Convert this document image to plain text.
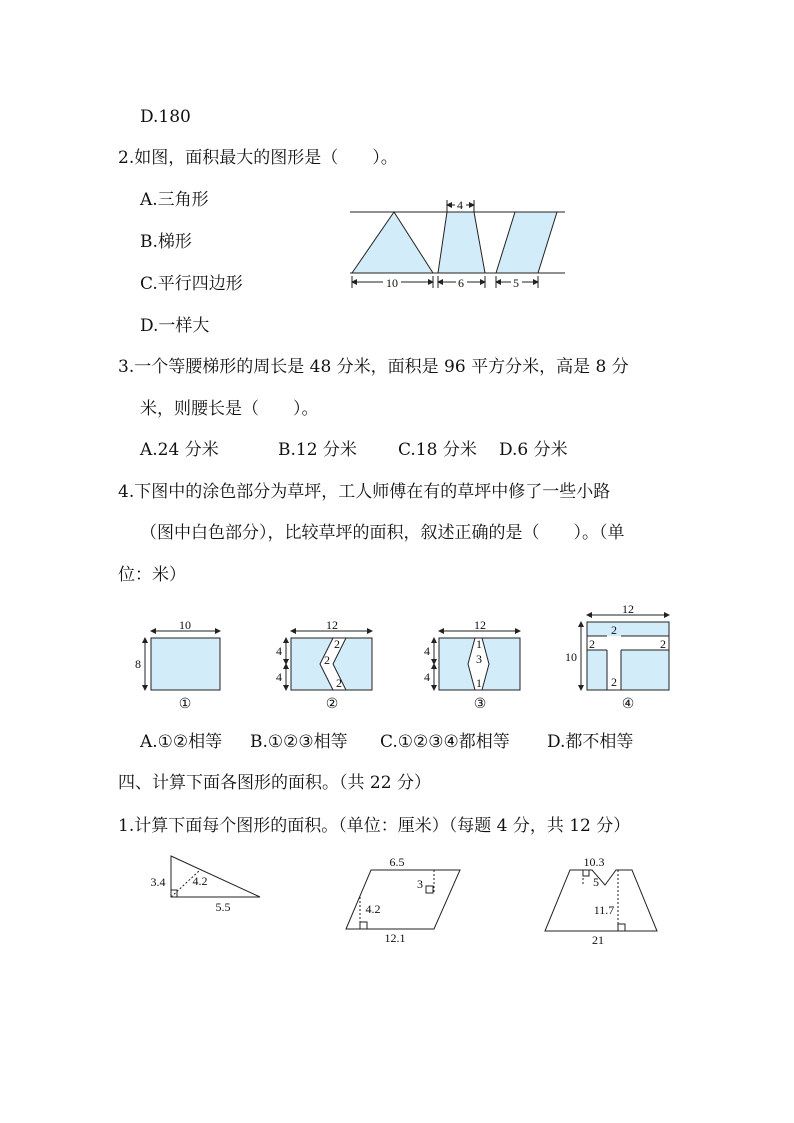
D.180
2.如图，面积最大的图形是（　　）。
A.三角形
B.梯形
C.平行四边形
D.一样大
3.一个等腰梯形的周长是 48 分米，面积是 96 平方分米，高是 8 分
米，则腰长是（　　）。
A.24 分米	B.12 分米 C.18 分米 D.6 分米
4.下图中的涂色部分为草坪，工人师傅在有的草坪中修了一些小路
（图中白色部分），比较草坪的面积，叙述正确的是（　　）。（单
位：米）
A.①②相等 B.①②③相等 C.①②③④都相等 D.都不相等
四、计算下面各图形的面积。（共 22 分）
1.计算下面每个图形的面积。（单位：厘米）（每题 4 分，共 12 分）
4
10	6	5
10
8
①
12
4
4
2
2
2
②
12
4
4
1
3
1
③
12
10
2
2
2	2
④
3.4 4.2
5.5
6.5
3
4.2
12.1
10.3
5
11.7
21
